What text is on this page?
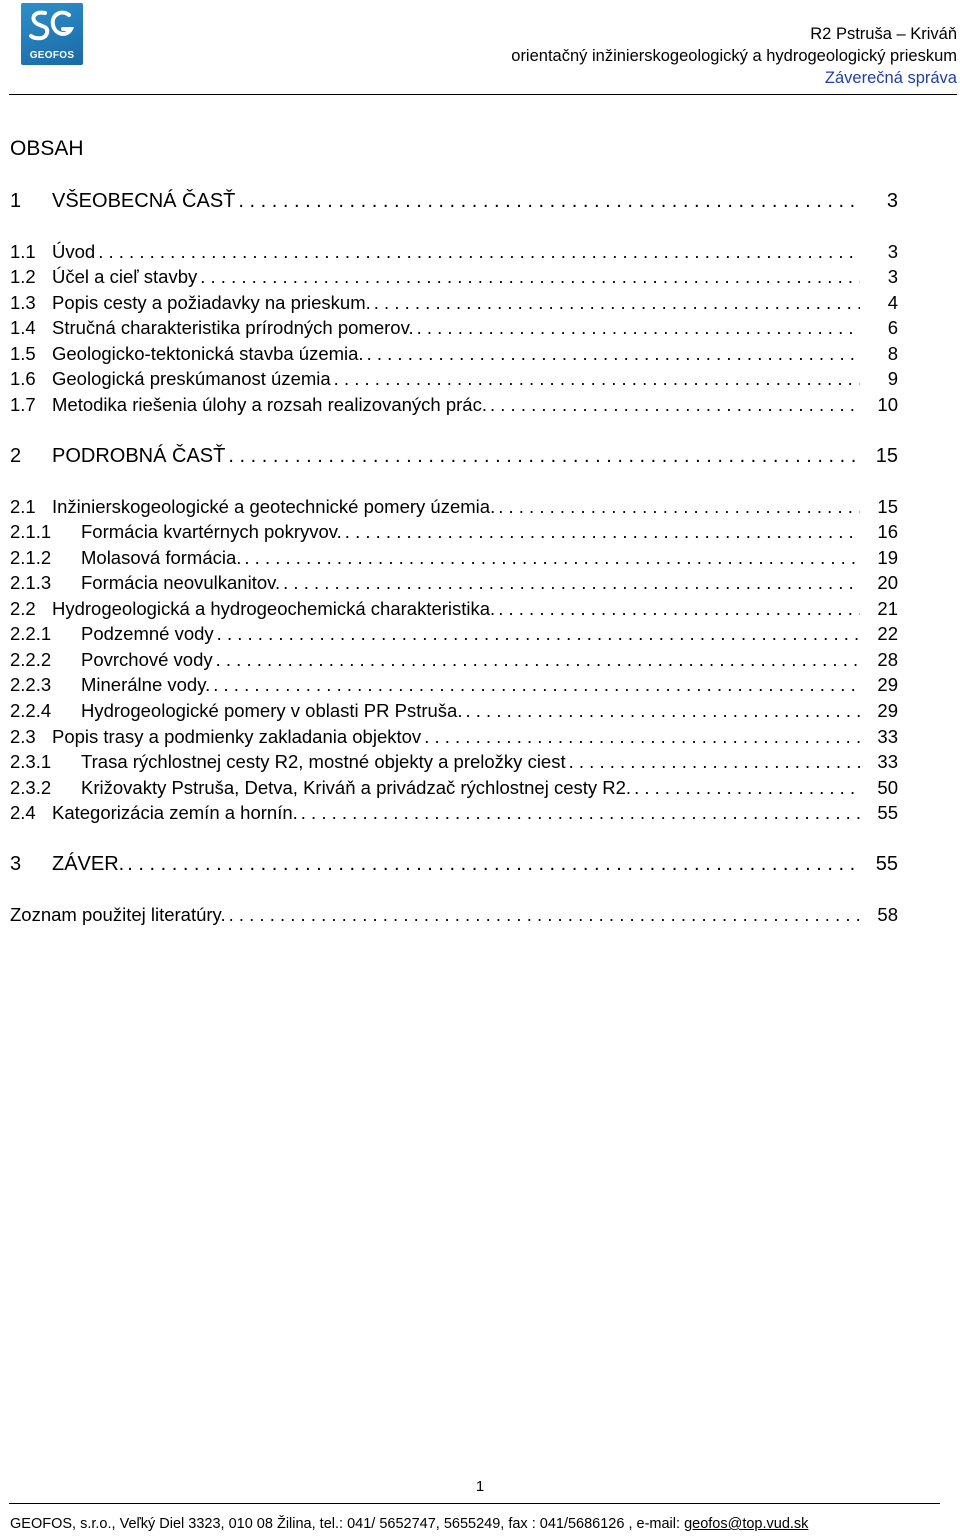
GEOFOS
R2 Pstruša – Kriváň
orientačný inžinierskogeologický a hydrogeologický prieskum
Záverečná správa
OBSAH
1	VŠEOBECNÁ ČASŤ . . .	3
1.1 Úvod . . .	3
1.2 Účel a cieľ stavby . . .	3
1.3 Popis cesty a požiadavky na prieskum. . . .	4
1.4 Stručná charakteristika prírodných pomerov. . . .	6
1.5 Geologicko-tektonická stavba územia. . . .	8
1.6 Geologická preskúmanost územia . . .	9
1.7 Metodika riešenia úlohy a rozsah realizovaných prác. . . .	10
2	PODROBNÁ ČASŤ . . .	15
2.1 Inžinierskogeologické a geotechnické pomery územia. . . .	15
2.1.1	Formácia kvartérnych pokryvov. . . .	16
2.1.2	Molasová formácia. . . .	19
2.1.3	Formácia neovulkanitov. . . .	20
2.2 Hydrogeologická a hydrogeochemická charakteristika. . . .	21
2.2.1	Podzemné vody . . .	22
2.2.2	Povrchové vody . . .	28
2.2.3	Minerálne vody. . . .	29
2.2.4	Hydrogeologické pomery v oblasti PR Pstruša. . . .	29
2.3 Popis trasy a podmienky zakladania objektov . . .	33
2.3.1	Trasa rýchlostnej cesty R2, mostné objekty a preložky ciest . . .	33
2.3.2	Križovakty Pstruša, Detva, Kriváň a privádzač rýchlostnej cesty R2. . . .	50
2.4 Kategorizácia zemín a hornín. . . .	55
3	ZÁVER. . . .	55
Zoznam použitej literatúry. . . .	58
1
GEOFOS, s.r.o., Veľký Diel 3323, 010 08 Žilina, tel.: 041/ 5652747, 5655249, fax : 041/5686126 , e-mail: geofos@top.vud.sk
